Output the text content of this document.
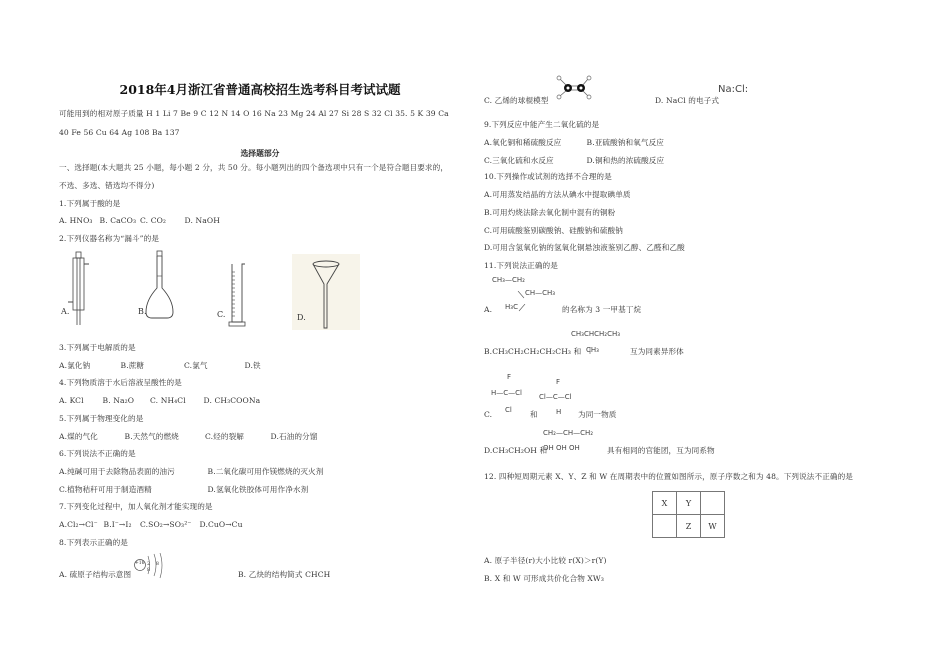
2018年4月浙江省普通高校招生选考科目考试试题
可能用到的相对原子质量 H 1 Li 7 Be 9 C 12 N 14 O 16 Na 23 Mg 24 Al 27 Si 28 S 32 Cl 35. 5 K 39 Ca
40 Fe 56 Cu 64 Ag 108 Ba 137
选择题部分
一、选择题(本大题共 25 小题，每小题 2 分，共 50 分。每小题列出的四个备选项中只有一个是符合题目要求的，
不选、多选、错选均不得分)
1.下列属于酸的是
A. HNO₃ B. CaCO₃ C. CO₂ D. NaOH
2.下列仪器名称为“漏斗”的是
A.	B.	C.	D.
3.下列属于电解质的是
A.氯化钠	B.蔗糖	C.氯气	D.铁
4.下列物质溶于水后溶液呈酸性的是
A. KCl B. Na₂O C. NH₄Cl D. CH₃COONa
5.下列属于物理变化的是
A.煤的气化	B.天然气的燃烧	C.烃的裂解	D.石油的分馏
6.下列说法不正确的是
A.纯碱可用于去除物品表面的油污	B.二氧化碳可用作镁燃烧的灭火剂
C.植物秸秆可用于制造酒精	D.氢氧化铁胶体可用作净水剂
7.下列变化过程中，加人氧化剂才能实现的是
A.Cl₂→Cl⁻ B.I⁻→I₂ C.SO₂→SO₃²⁻ D.CuO→Cu
8.下列表示正确的是
A. 硫原子结构示意图
+16 2 8 8	B. 乙炔的结构简式 CHCH
C. 乙烯的球棍模型	D. NaCl 的电子式
Na:Cl:
9.下列反应中能产生二氧化硫的是
A.氧化铜和稀硫酸反应	B.亚硫酸钠和氧气反应
C.三氧化硫和水反应	D.铜和热的浓硫酸反应
10.下列操作或试剂的选择不合理的是
A.可用蒸发结晶的方法从碘水中提取碘单质
B.可用灼烧法除去氧化制中混有的铜粉
C.可用硫酸鉴别碳酸钠、硅酸钠和硫酸钠
D.可用含氢氧化钠的氢氧化铜悬浊液鉴别乙醇、乙醛和乙酸
11.下列说法正确的是
CH₃—CH₂
CH—CH₃
A. H₃C	的名称为 3 一甲基丁烷
CH₃CHCH₂CH₃
B.CH₃CH₂CH₂CH₂CH₃ 和 CH₃	互为同素异形体
F
H—C—Cl
Cl
C.	和
F
Cl—C—Cl
H 为同一物质
CH₂—CH—CH₂
D.CH₃CH₂OH 和
OH OH OH	具有相同的官能团，互为同系物
12. 四种短周期元素 X、Y、Z 和 W 在周期表中的位置如图所示，原子序数之和为 48。下列说法不正确的是
X	Y	
	Z	W
A. 原子半径(r)大小比较 r(X)＞r(Y)
B. X 和 W 可形成共价化合物 XW₃
